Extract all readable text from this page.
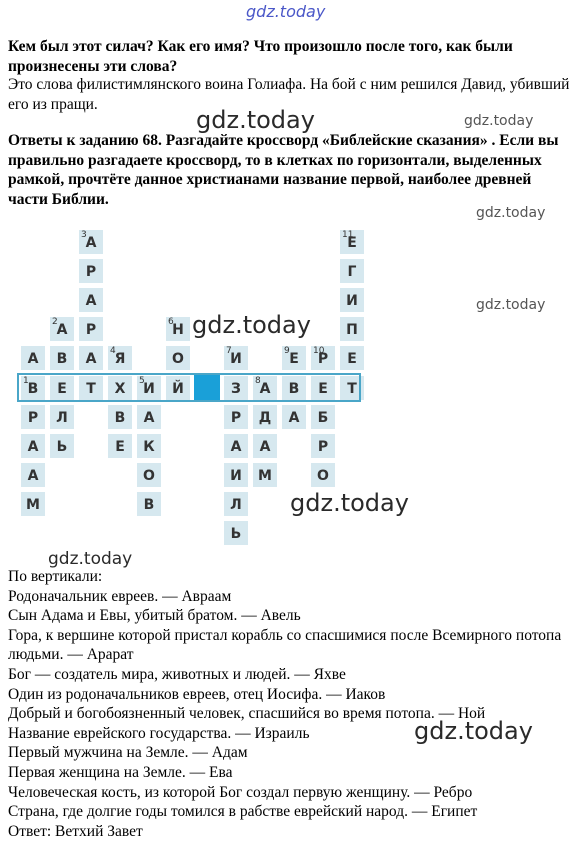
gdz.today
Кем был этот силач? Как его имя? Что произошло после того, как были произнесены эти слова?
Это слова филистимлянского воина Голиафа. На бой с ним решился Давид, убивший его из пращи.
gdz.today	gdz.today
Ответы к заданию 68. Разгадайте кроссворд «Библейские сказания» . Если вы правильно разгадаете кроссворд, то в клетках по горизонтали, выделенных рамкой, прочтёте данное христианами название первой, наиболее древней части Библии.
gdz.today
gdz.today
3
А
Р
А
Р
А
Т
2
А
В
Е
Л
Ь
А
1
В
Р
А
А
М
4
Я
Х
В
Е
5
И
А
К
О
В
6
Н
О
Й
7
И
З
Р
А
И
Л
Ь
8
А
Д
А
М
9 Е
В
А
10
Р
Е
Б
Р
О
11
Е
Г
И
П
Е
Т
gdz.today
gdz.today
gdz.today
gdz.today

По вертикали:

Родоначальник евреев. — Авраам

Сын Адама и Евы, убитый братом. — Авель

Гора, к вершине которой пристал корабль со спасшимися после Всемирного потопа людьми. — Арарат

Бог — создатель мира, животных и людей. — Яхве

Один из родоначальников евреев, отец Иосифа. — Иаков

Добрый и богобоязненный человек, спасшийся во время потопа. — Ной

Название еврейского государства. — Израиль

Первый мужчина на Земле. — Адам

Первая женщина на Земле. — Ева

Человеческая кость, из которой Бог создал первую женщину. — Ребро

Страна, где долгие годы томился в рабстве еврейский народ. — Египет

Ответ: Ветхий Завет
